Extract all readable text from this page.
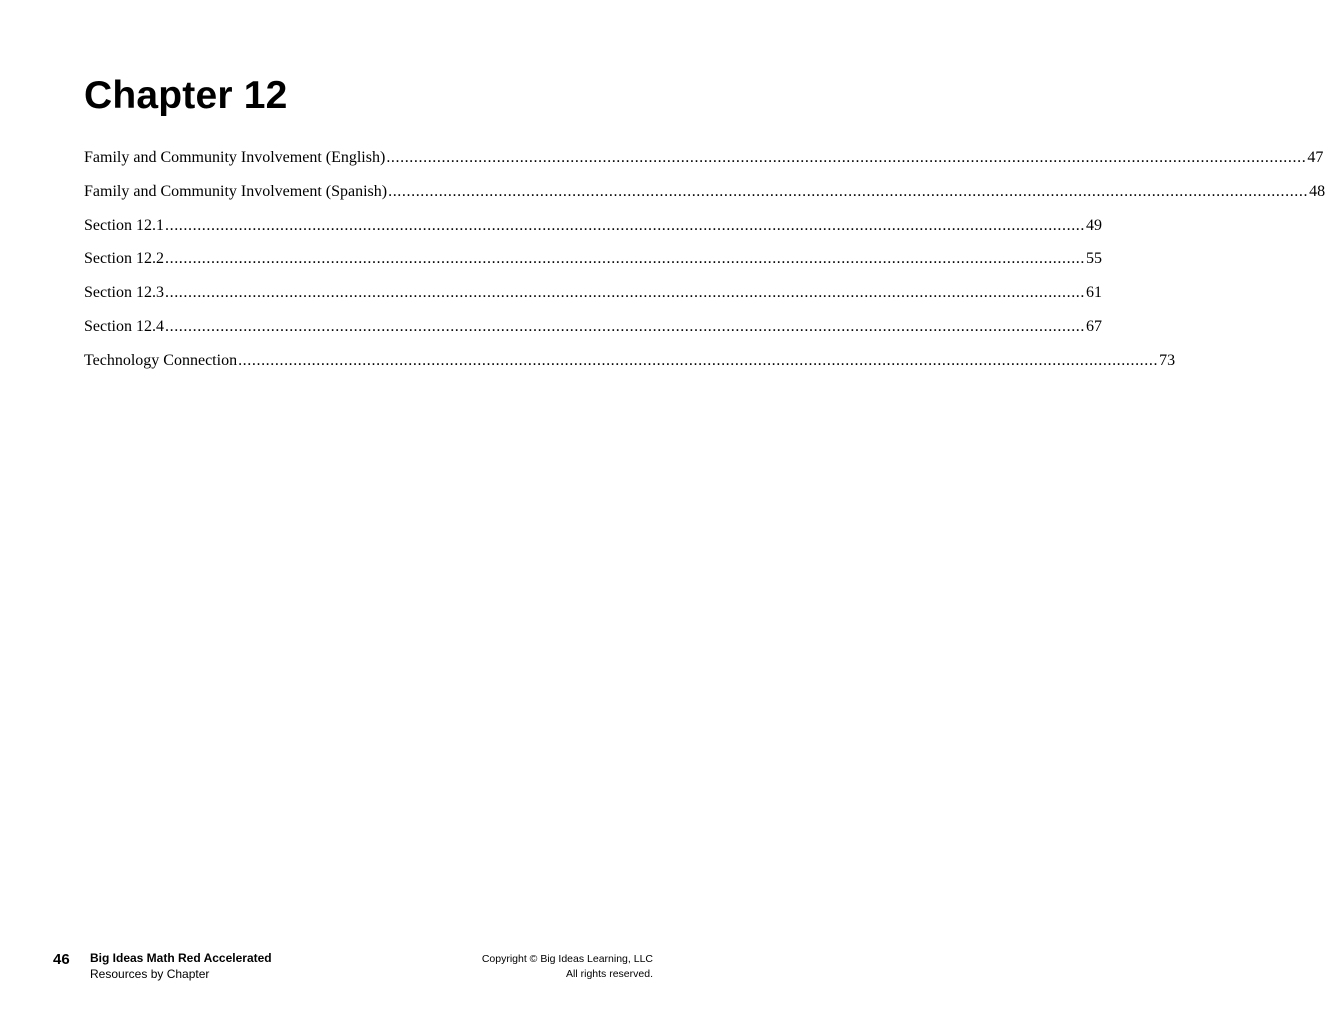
Chapter 12
Family and Community Involvement (English) ........................................................................................................................................................................................................ 47
Family and Community Involvement (Spanish) ........................................................................................................................................................................................................ 48
Section 12.1 ........................................................................................................................................................................................................ 49
Section 12.2 ........................................................................................................................................................................................................ 55
Section 12.3 ........................................................................................................................................................................................................ 61
Section 12.4 ........................................................................................................................................................................................................ 67
Technology Connection ........................................................................................................................................................................................................ 73
46 Big Ideas Math Red Accelerated
Resources by Chapter
Copyright © Big Ideas Learning, LLC
All rights reserved.
